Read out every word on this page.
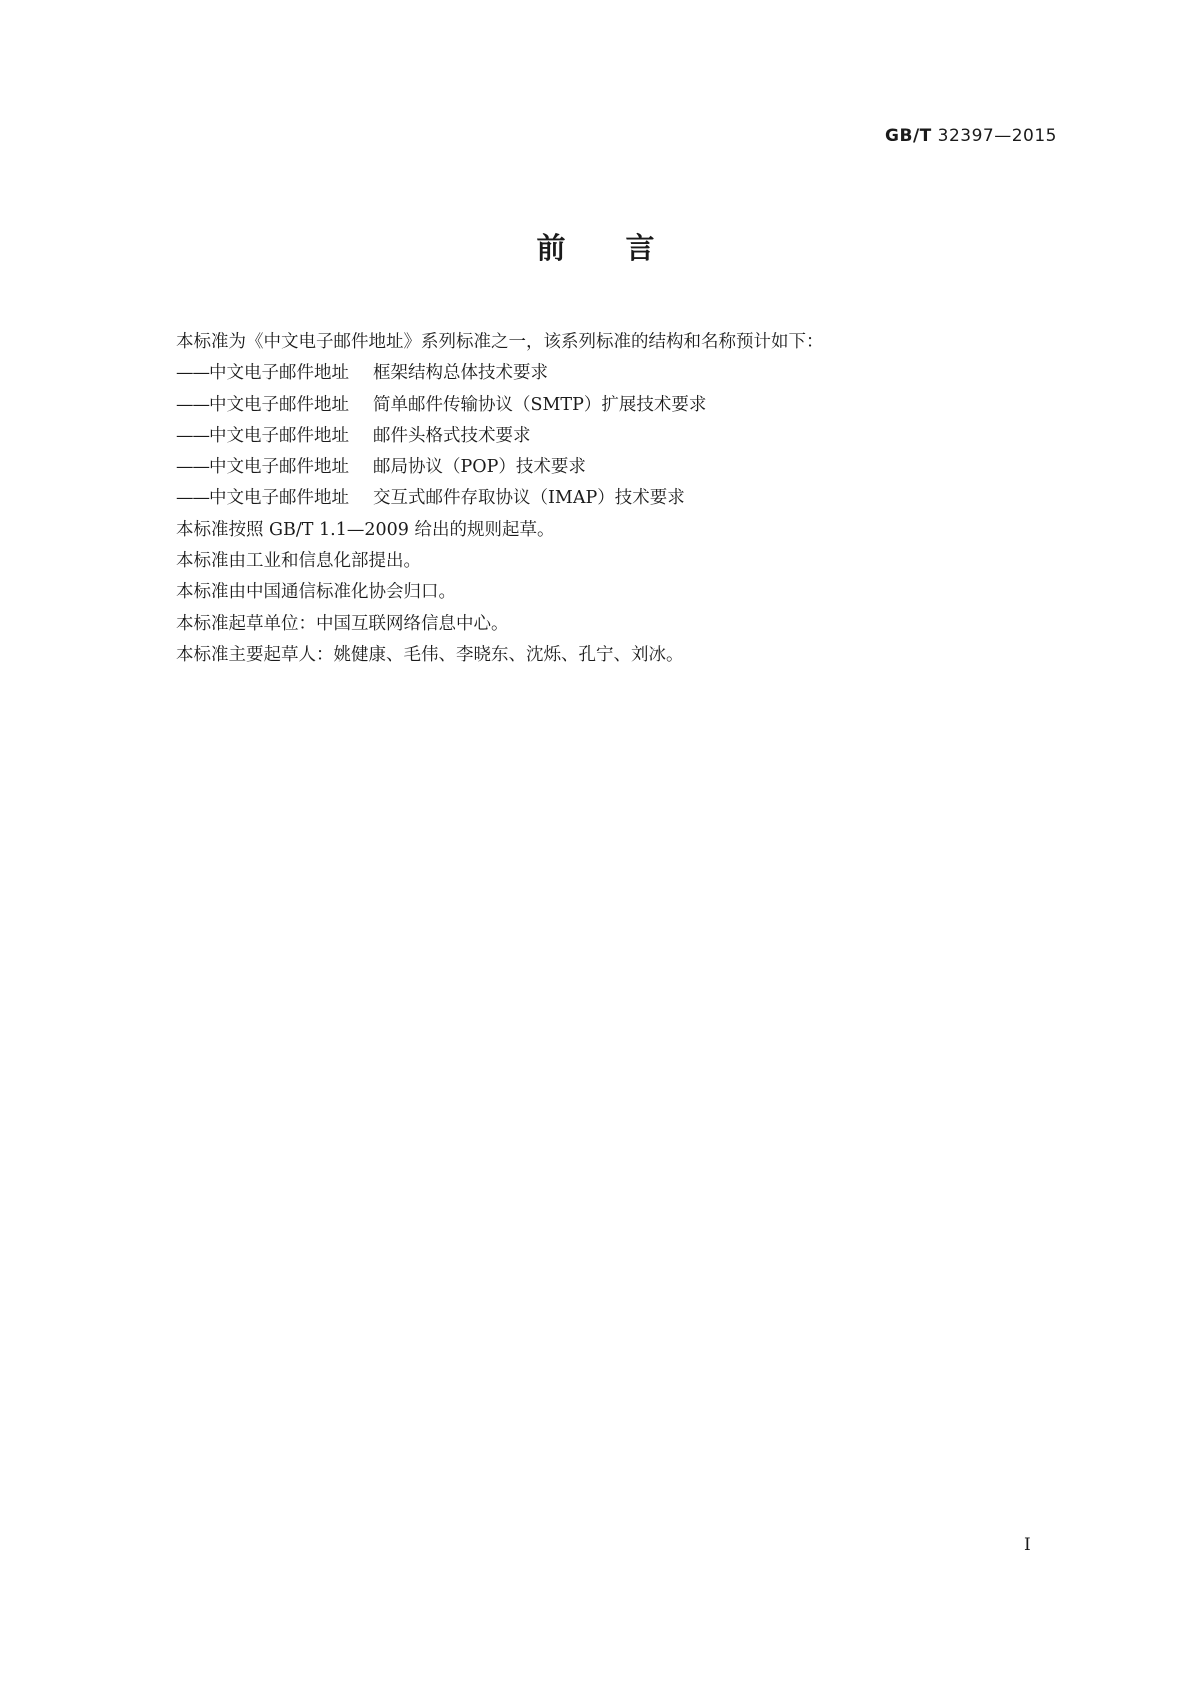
GB/T 32397—2015
前言
本标准为《中文电子邮件地址》系列标准之一，该系列标准的结构和名称预计如下：
——中文电子邮件地址 框架结构总体技术要求
——中文电子邮件地址 简单邮件传输协议（SMTP）扩展技术要求
——中文电子邮件地址 邮件头格式技术要求
——中文电子邮件地址 邮局协议（POP）技术要求
——中文电子邮件地址 交互式邮件存取协议（IMAP）技术要求
本标准按照 GB/T 1.1—2009 给出的规则起草。
本标准由工业和信息化部提出。
本标准由中国通信标准化协会归口。
本标准起草单位：中国互联网络信息中心。
本标准主要起草人：姚健康、毛伟、李晓东、沈烁、孔宁、刘冰。
I
